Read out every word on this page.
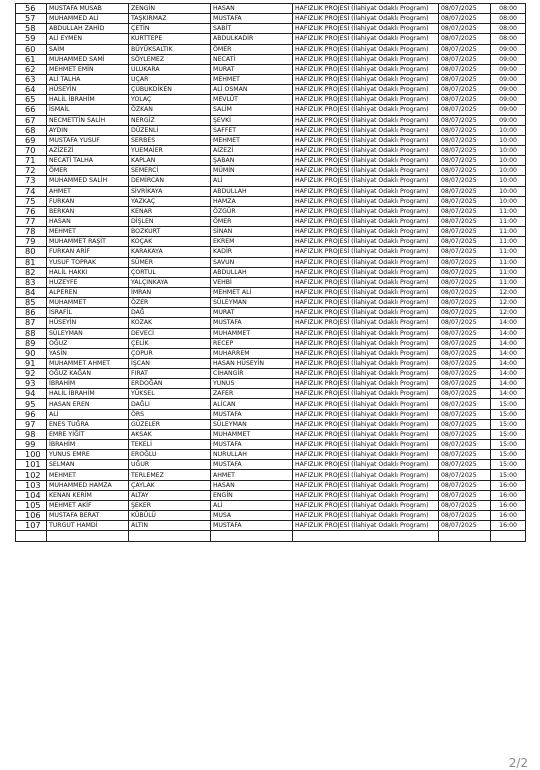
56	MUSTAFA MUSAB	ZENGİN	HASAN	HAFIZLIK PROJESİ (İlahiyat Odaklı Program)	08/07/2025	08:00
57	MUHAMMED ALİ	TAŞKIRMAZ	MUSTAFA	HAFIZLIK PROJESİ (İlahiyat Odaklı Program)	08/07/2025	08:00
58	ABDULLAH ZAHİD	ÇETİN	SABİT	HAFIZLIK PROJESİ (İlahiyat Odaklı Program)	08/07/2025	08:00
59	ALİ EYMEN	KURTTEPE	ABDULKADİR	HAFIZLIK PROJESİ (İlahiyat Odaklı Program)	08/07/2025	08:00
60	SAİM	BÜYÜKSALTIK	ÖMER	HAFIZLIK PROJESİ (İlahiyat Odaklı Program)	08/07/2025	09:00
61	MUHAMMED SAMİ	SÖYLEMEZ	NECATİ	HAFIZLIK PROJESİ (İlahiyat Odaklı Program)	08/07/2025	09:00
62	MEHMET EMİN	ULUKARA	MURAT	HAFIZLIK PROJESİ (İlahiyat Odaklı Program)	08/07/2025	09:00
63	ALİ TALHA	UÇAR	MEHMET	HAFIZLIK PROJESİ (İlahiyat Odaklı Program)	08/07/2025	09:00
64	HÜSEYİN	ÇUBUKDİKEN	ALİ OSMAN	HAFIZLIK PROJESİ (İlahiyat Odaklı Program)	08/07/2025	09:00
65	HALİL İBRAHİM	YOLAÇ	MEVLÜT	HAFIZLIK PROJESİ (İlahiyat Odaklı Program)	08/07/2025	09:00
66	İSMAİL	ÖZKAN	SALİM	HAFIZLIK PROJESİ (İlahiyat Odaklı Program)	08/07/2025	09:00
67	NECMETTİN SALİH	NERGİZ	ŞEVKİ	HAFIZLIK PROJESİ (İlahiyat Odaklı Program)	08/07/2025	09:00
68	AYDIN	DÜZENLİ	SAFFET	HAFIZLIK PROJESİ (İlahiyat Odaklı Program)	08/07/2025	10:00
69	MUSTAFA YUSUF	SERBES	MEHMET	HAFIZLIK PROJESİ (İlahiyat Odaklı Program)	08/07/2025	10:00
70	AZİZEZİ	YUEMAİER	AİZEZİ	HAFIZLIK PROJESİ (İlahiyat Odaklı Program)	08/07/2025	10:00
71	NECATİ TALHA	KAPLAN	ŞABAN	HAFIZLIK PROJESİ (İlahiyat Odaklı Program)	08/07/2025	10:00
72	ÖMER	SEMERCİ	MÜMİN	HAFIZLIK PROJESİ (İlahiyat Odaklı Program)	08/07/2025	10:00
73	MUHAMMED SALİH	DEMİRCAN	ALİ	HAFIZLIK PROJESİ (İlahiyat Odaklı Program)	08/07/2025	10:00
74	AHMET	SİVRİKAYA	ABDULLAH	HAFIZLIK PROJESİ (İlahiyat Odaklı Program)	08/07/2025	10:00
75	FURKAN	YAZKAÇ	HAMZA	HAFIZLIK PROJESİ (İlahiyat Odaklı Program)	08/07/2025	10:00
76	BERKAN	KENAR	ÖZGÜR	HAFIZLIK PROJESİ (İlahiyat Odaklı Program)	08/07/2025	11:00
77	HASAN	DİŞLEN	ÖMER	HAFIZLIK PROJESİ (İlahiyat Odaklı Program)	08/07/2025	11:00
78	MEHMET	BOZKURT	SİNAN	HAFIZLIK PROJESİ (İlahiyat Odaklı Program)	08/07/2025	11:00
79	MUHAMMET RAŞİT	KOÇAK	EKREM	HAFIZLIK PROJESİ (İlahiyat Odaklı Program)	08/07/2025	11:00
80	FURKAN ARİF	KARAKAYA	KADİR	HAFIZLIK PROJESİ (İlahiyat Odaklı Program)	08/07/2025	11:00
81	YUSUF TOPRAK	SÜMER	SAVUN	HAFIZLIK PROJESİ (İlahiyat Odaklı Program)	08/07/2025	11:00
82	HALİL HAKKI	ÇORTUL	ABDULLAH	HAFIZLIK PROJESİ (İlahiyat Odaklı Program)	08/07/2025	11:00
83	HUZEYFE	YALÇINKAYA	VEHBİ	HAFIZLIK PROJESİ (İlahiyat Odaklı Program)	08/07/2025	11:00
84	ALPEREN	İMRAN	MEHMET ALİ	HAFIZLIK PROJESİ (İlahiyat Odaklı Program)	08/07/2025	12:00
85	MUHAMMET	ÖZER	SÜLEYMAN	HAFIZLIK PROJESİ (İlahiyat Odaklı Program)	08/07/2025	12:00
86	İSRAFİL	DAĞ	MURAT	HAFIZLIK PROJESİ (İlahiyat Odaklı Program)	08/07/2025	12:00
87	HÜSEYİN	KOZAK	MUSTAFA	HAFIZLIK PROJESİ (İlahiyat Odaklı Program)	08/07/2025	14:00
88	SÜLEYMAN	DEVECİ	MUHAMMET	HAFIZLIK PROJESİ (İlahiyat Odaklı Program)	08/07/2025	14:00
89	OĞUZ	ÇELİK	RECEP	HAFIZLIK PROJESİ (İlahiyat Odaklı Program)	08/07/2025	14:00
90	YASİN	ÇOPUR	MUHARREM	HAFIZLIK PROJESİ (İlahiyat Odaklı Program)	08/07/2025	14:00
91	MUHAMMET AHMET	İŞCAN	HASAN HÜSEYİN	HAFIZLIK PROJESİ (İlahiyat Odaklı Program)	08/07/2025	14:00
92	OĞUZ KAĞAN	FIRAT	CİHANGİR	HAFIZLIK PROJESİ (İlahiyat Odaklı Program)	08/07/2025	14:00
93	İBRAHİM	ERDOĞAN	YUNUS	HAFIZLIK PROJESİ (İlahiyat Odaklı Program)	08/07/2025	14:00
94	HALİL İBRAHİM	YÜKSEL	ZAFER	HAFIZLIK PROJESİ (İlahiyat Odaklı Program)	08/07/2025	14:00
95	HASAN EREN	DAĞLI	ALİCAN	HAFIZLIK PROJESİ (İlahiyat Odaklı Program)	08/07/2025	15:00
96	ALİ	ÖRS	MUSTAFA	HAFIZLIK PROJESİ (İlahiyat Odaklı Program)	08/07/2025	15:00
97	ENES TUĞRA	GÜZELER	SÜLEYMAN	HAFIZLIK PROJESİ (İlahiyat Odaklı Program)	08/07/2025	15:00
98	EMRE YİĞİT	AKSAK	MUHAMMET	HAFIZLIK PROJESİ (İlahiyat Odaklı Program)	08/07/2025	15:00
99	İBRAHİM	TEKELİ	MUSTAFA	HAFIZLIK PROJESİ (İlahiyat Odaklı Program)	08/07/2025	15:00
100	YUNUS EMRE	EROĞLU	NURULLAH	HAFIZLIK PROJESİ (İlahiyat Odaklı Program)	08/07/2025	15:00
101	SELMAN	UĞUR	MUSTAFA	HAFIZLIK PROJESİ (İlahiyat Odaklı Program)	08/07/2025	15:00
102	MEHMET	TERLEMEZ	AHMET	HAFIZLIK PROJESİ (İlahiyat Odaklı Program)	08/07/2025	15:00
103	MUHAMMED HAMZA	ÇAYLAK	HASAN	HAFIZLIK PROJESİ (İlahiyat Odaklı Program)	08/07/2025	16:00
104	KENAN KERİM	ALTAY	ENGİN	HAFIZLIK PROJESİ (İlahiyat Odaklı Program)	08/07/2025	16:00
105	MEHMET AKİF	ŞEKER	ALİ	HAFIZLIK PROJESİ (İlahiyat Odaklı Program)	08/07/2025	16:00
106	MUSTAFA BERAT	KÜBÜLÜ	MUSA	HAFIZLIK PROJESİ (İlahiyat Odaklı Program)	08/07/2025	16:00
107	TURGUT HAMDİ	ALTIN	MUSTAFA	HAFIZLIK PROJESİ (İlahiyat Odaklı Program)	08/07/2025	16:00

2/2
